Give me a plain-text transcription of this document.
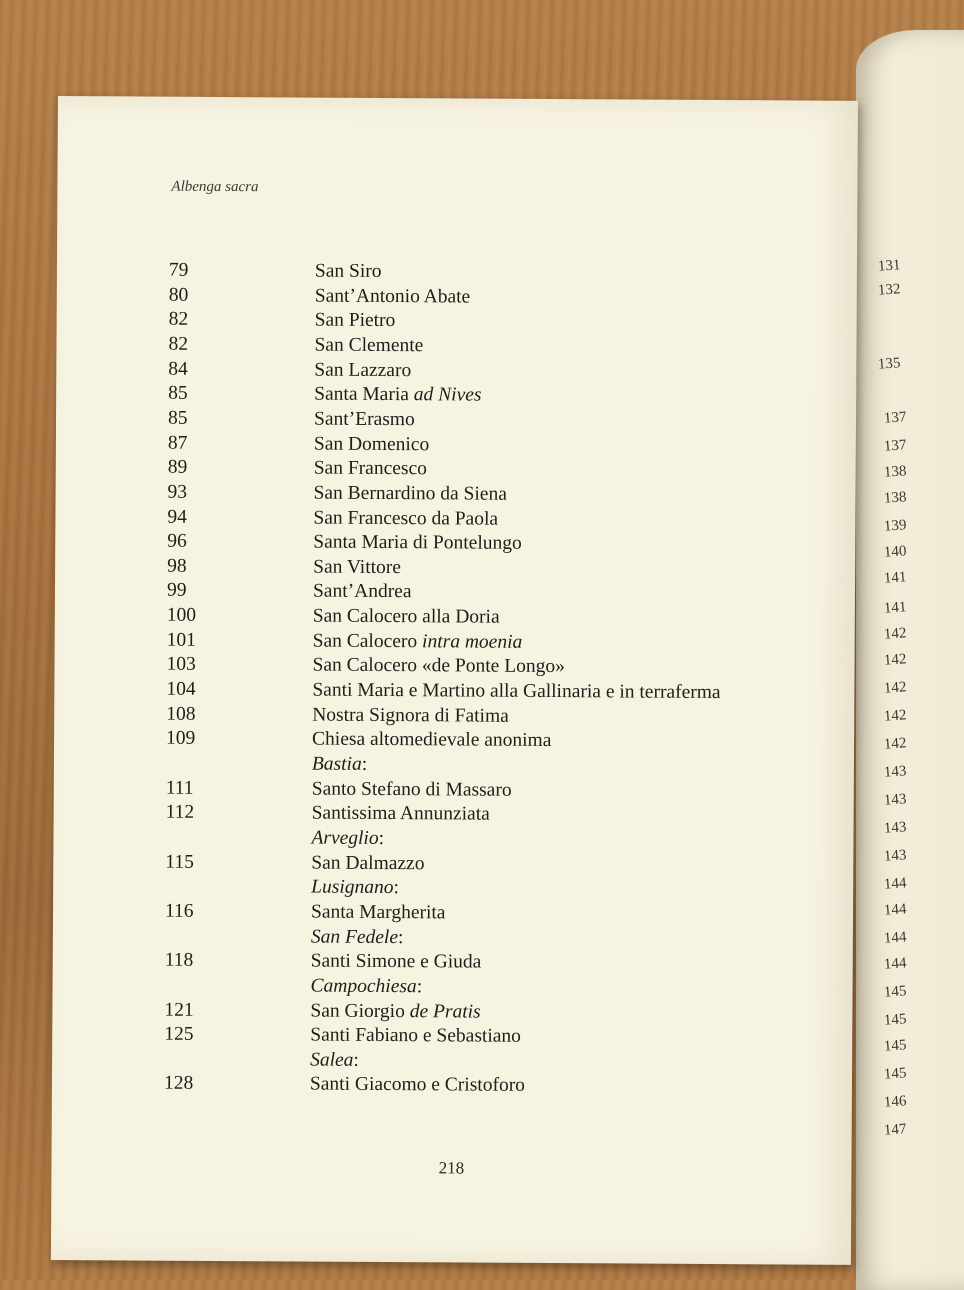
131
132
135
137
137
138
138
139
140
141
141
142
142
142
142
142
143
143
143
143
144
144
144
144
145
145
145
145
146
147
Albenga sacra
79	San Siro
80	Sant’Antonio Abate
82	San Pietro
82	San Clemente
84	San Lazzaro
85	Santa Maria ad Nives
85	Sant’Erasmo
87	San Domenico
89	San Francesco
93	San Bernardino da Siena
94	San Francesco da Paola
96	Santa Maria di Pontelungo
98	San Vittore
99	Sant’Andrea
100	San Calocero alla Doria
101	San Calocero intra moenia
103	San Calocero «de Ponte Longo»
104	Santi Maria e Martino alla Gallinaria e in terraferma
108	Nostra Signora di Fatima
109	Chiesa altomedievale anonima
Bastia:
111	Santo Stefano di Massaro
112	Santissima Annunziata
Arveglio:
115	San Dalmazzo
Lusignano:
116	Santa Margherita
San Fedele:
118	Santi Simone e Giuda
Campochiesa:
121	San Giorgio de Pratis
125	Santi Fabiano e Sebastiano
Salea:
128	Santi Giacomo e Cristoforo
218
